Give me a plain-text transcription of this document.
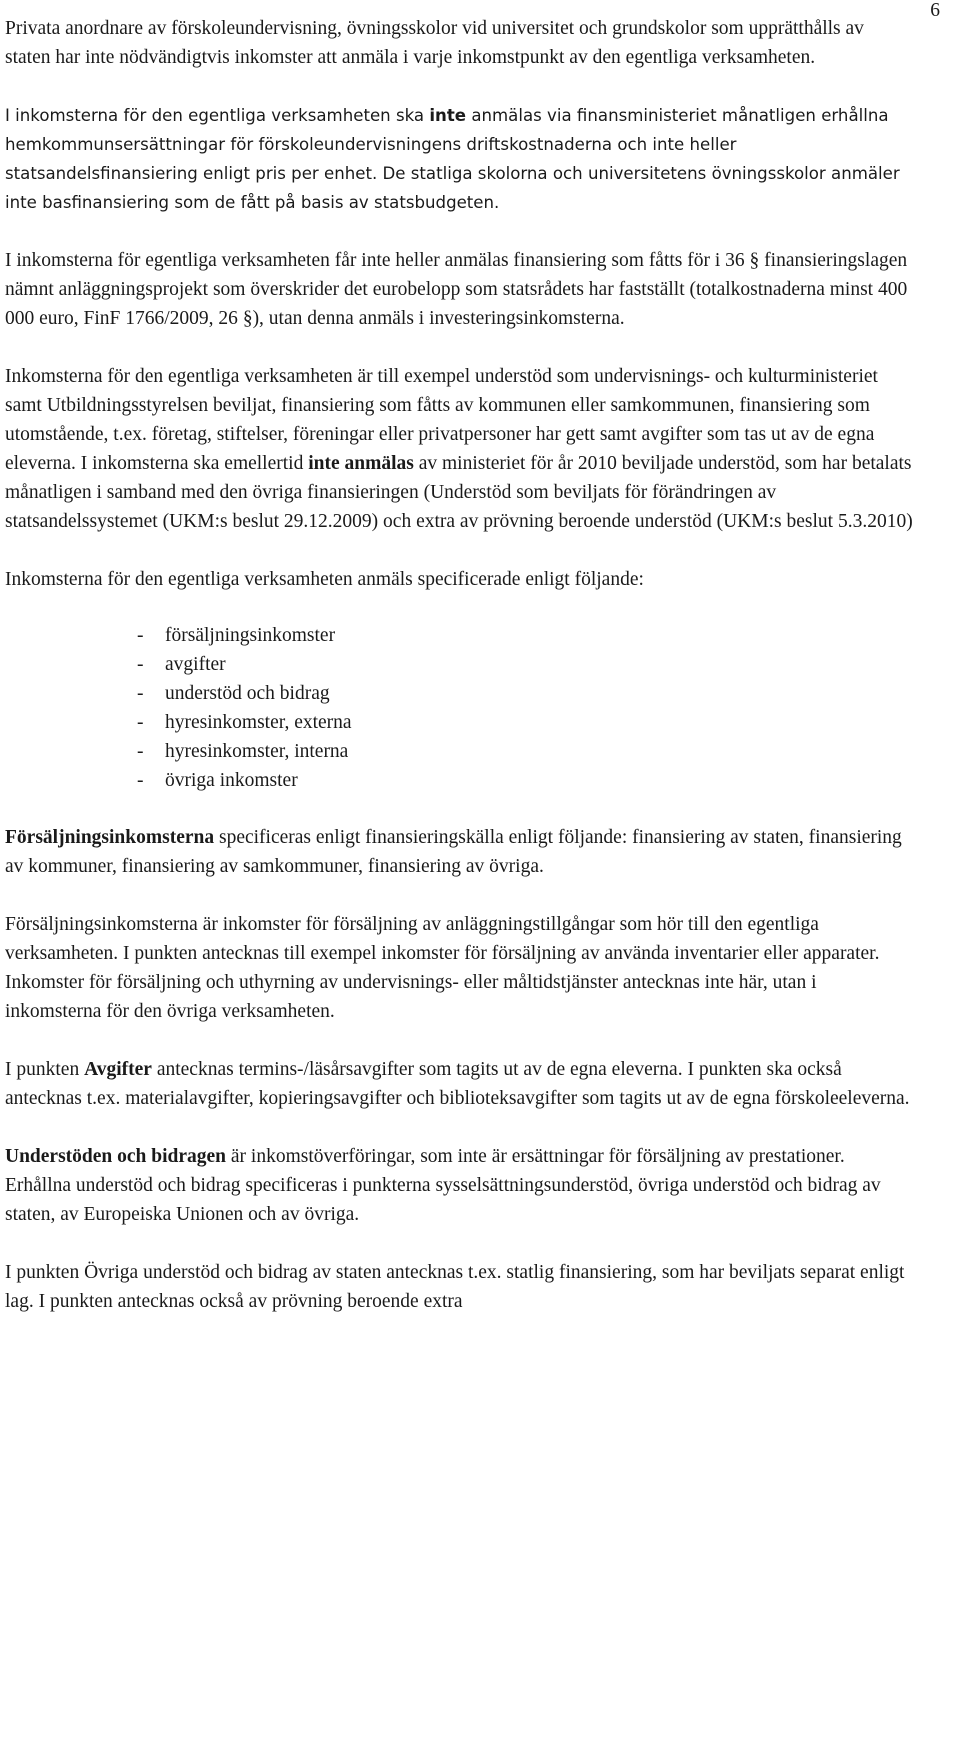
6

Privata anordnare av förskoleundervisning, övningsskolor vid universitet och grundskolor som upprätthålls av staten har inte nödvändigtvis inkomster att anmäla i varje inkomstpunkt av den egentliga verksamheten.

I inkomsterna för den egentliga verksamheten ska inte anmälas via finansministeriet månatligen erhållna hemkommunsersättningar för förskoleundervisningens driftskostnaderna och inte heller statsandelsfinansiering enligt pris per enhet. De statliga skolorna och universitetens övningsskolor anmäler inte basfinansiering som de fått på basis av statsbudgeten.

I inkomsterna för egentliga verksamheten får inte heller anmälas finansiering som fåtts för i 36 § finansieringslagen nämnt anläggningsprojekt som överskrider det eurobelopp som statsrådets har fastställt (totalkostnaderna minst 400 000 euro, FinF 1766/2009, 26 §), utan denna anmäls i investeringsinkomsterna.

Inkomsterna för den egentliga verksamheten är till exempel understöd som undervisnings- och kulturministeriet samt Utbildningsstyrelsen beviljat, finansiering som fåtts av kommunen eller samkommunen, finansiering som utomstående, t.ex. företag, stiftelser, föreningar eller privatpersoner har gett samt avgifter som tas ut av de egna eleverna. I inkomsterna ska emellertid inte anmälas av ministeriet för år 2010 beviljade understöd, som har betalats månatligen i samband med den övriga finansieringen (Understöd som beviljats för förändringen av statsandelssystemet (UKM:s beslut 29.12.2009) och extra av prövning beroende understöd (UKM:s beslut 5.3.2010)

Inkomsterna för den egentliga verksamheten anmäls specificerade enligt följande:

- försäljningsinkomster
- avgifter
- understöd och bidrag
- hyresinkomster, externa
- hyresinkomster, interna
- övriga inkomster

Försäljningsinkomsterna specificeras enligt finansieringskälla enligt följande: finansiering av staten, finansiering av kommuner, finansiering av samkommuner, finansiering av övriga.

Försäljningsinkomsterna är inkomster för försäljning av anläggningstillgångar som hör till den egentliga verksamheten. I punkten antecknas till exempel inkomster för försäljning av använda inventarier eller apparater. Inkomster för försäljning och uthyrning av undervisnings- eller måltidstjänster antecknas inte här, utan i inkomsterna för den övriga verksamheten.

I punkten Avgifter antecknas termins-/läsårsavgifter som tagits ut av de egna eleverna. I punkten ska också antecknas t.ex. materialavgifter, kopieringsavgifter och biblioteksavgifter som tagits ut av de egna förskoleeleverna.

Understöden och bidragen är inkomstöverföringar, som inte är ersättningar för försäljning av prestationer. Erhållna understöd och bidrag specificeras i punkterna sysselsättningsunderstöd, övriga understöd och bidrag av staten, av Europeiska Unionen och av övriga.

I punkten Övriga understöd och bidrag av staten antecknas t.ex. statlig finansiering, som har beviljats separat enligt lag. I punkten antecknas också av prövning beroende extra
